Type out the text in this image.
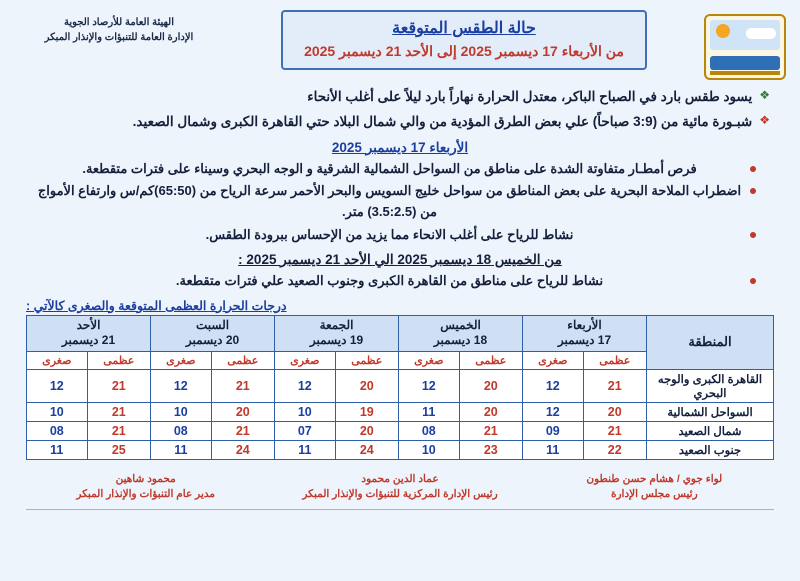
حالة الطقس المتوقعة
من الأربعاء 17 ديسمبر 2025 إلى الأحد 21 ديسمبر 2025
الهيئة العامة للأرصاد الجوية
الإدارة العامة للتنبؤات والإنذار المبكر
❖
يسود طقس بارد في الصباح الباكر، معتدل الحرارة نهاراً بارد ليلاً على أغلب الأنحاء
❖
شبـورة مائية من (3:9 صباحاً) علي بعض الطرق المؤدية من والي شمال البلاد حتي القاهرة الكبرى وشمال الصعيد.
الأربعاء 17 ديسمبر 2025
فرص أمطـار متفاوتة الشدة على مناطق من السواحل الشمالية الشرقية و الوجه البحري وسيناء على فترات متقطعة.
اضطراب الملاحة البحرية على بعض المناطق من سواحل خليج السويس والبحر الأحمر سرعة الرياح من (65:50)كم/س وارتفاع الأمواج من (3.5:2.5) متر.
نشاط للرياح على أغلب الانحاء مما يزيد من الإحساس ببرودة الطقس.
من الخميس 18 ديسمبر 2025 الي الأحد 21 ديسمبر 2025 :
نشاط للرياح على مناطق من القاهرة الكبرى وجنوب الصعيد علي فترات متقطعة.
درجات الحرارة العظمى المتوقعة والصغرى كالآتي :
المنطقة	
الأربعاء
17 ديسمبر

الخميس
18 ديسمبر

الجمعة
19 ديسمبر

السبت
20 ديسمبر

الأحد
21 ديسمبر

	عظمى	صغرى	عظمى	صغرى	عظمى	صغرى	عظمى	صغرى	عظمى	صغرى
القاهرة الكبرى والوجه البحري	21	12	20	12	20	12	21	12	21	12
السواحل الشمالية	20	12	20	11	19	10	20	10	21	10
شمال الصعيد	21	09	21	08	20	07	21	08	21	08
جنوب الصعيد	22	11	23	10	24	11	24	11	25	11
لواء جوي / هشام حسن طنطون
رئيس مجلس الإدارة
عماد الدين محمود
رئيس الإدارة المركزية للتنبؤات والإنذار المبكر
محمود شاهين
مدير عام التنبؤات والإنذار المبكر
